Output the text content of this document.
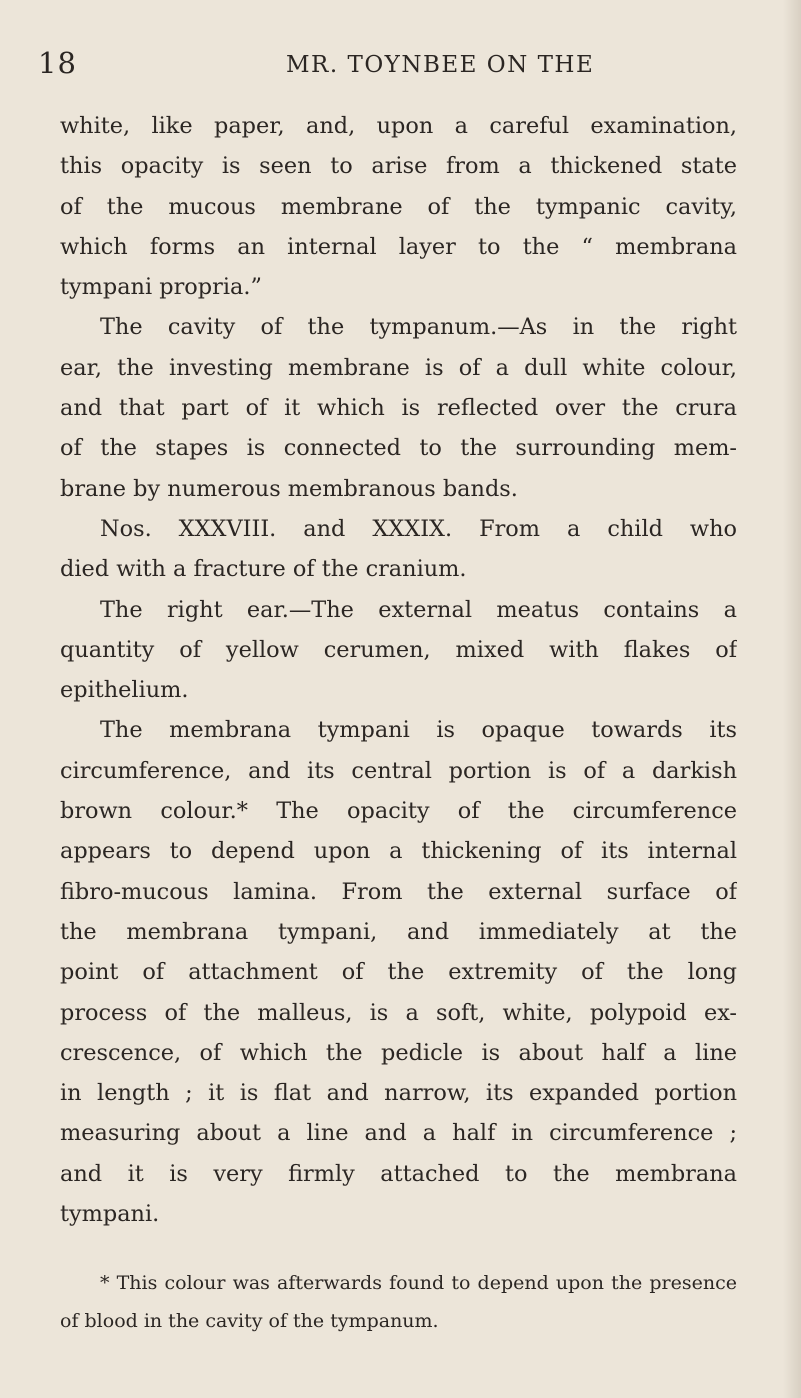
18	MR. TOYNBEE ON THE
white, like paper, and, upon a careful examination,
this opacity is seen to arise from a thickened state
of the mucous membrane of the tympanic cavity,
which forms an internal layer to the “ membrana
tympani propria.”
The cavity of the tympanum.—As in the right
ear, the investing membrane is of a dull white colour,
and that part of it which is reflected over the crura
of the stapes is connected to the surrounding mem-
brane by numerous membranous bands.
Nos. XXXVIII. and XXXIX. From a child who
died with a fracture of the cranium.
The right ear.—The external meatus contains a
quantity of yellow cerumen, mixed with flakes of
epithelium.
The membrana tympani is opaque towards its
circumference, and its central portion is of a darkish
brown colour.* The opacity of the circumference
appears to depend upon a thickening of its internal
fibro-mucous lamina. From the external surface of
the membrana tympani, and immediately at the
point of attachment of the extremity of the long
process of the malleus, is a soft, white, polypoid ex-
crescence, of which the pedicle is about half a line
in length ; it is flat and narrow, its expanded portion
measuring about a line and a half in circumference ;
and it is very firmly attached to the membrana
tympani.
* This colour was afterwards found to depend upon the presence
of blood in the cavity of the tympanum.
